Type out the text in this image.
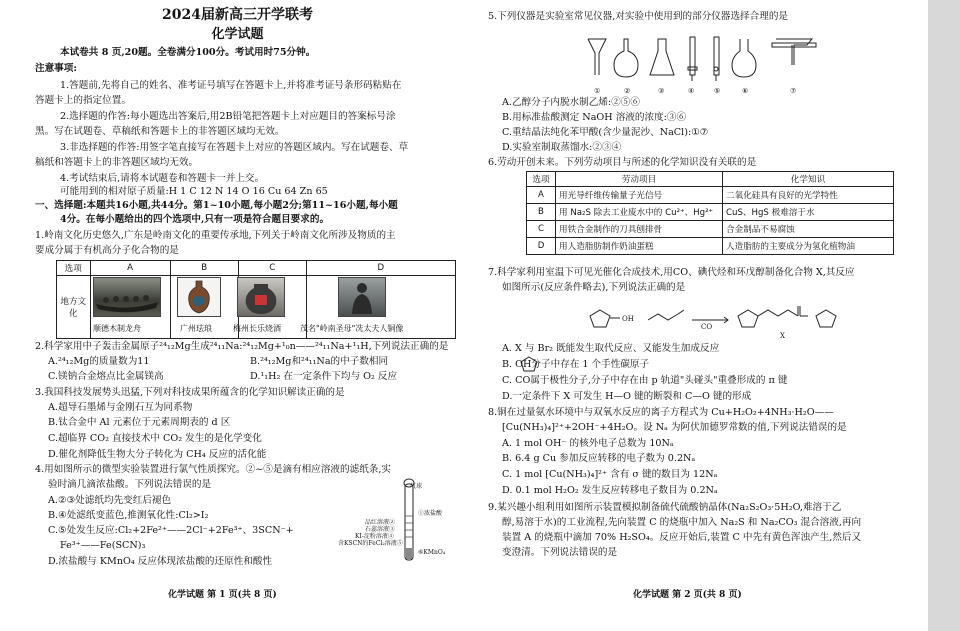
2024届新高三开学联考
化学试题
本试卷共 8 页,20题。全卷满分100分。考试用时75分钟。
注意事项:
1.答题前,先将自己的姓名、准考证号填写在答题卡上,并将准考证号条形码粘贴在
答题卡上的指定位置。
2.选择题的作答:每小题选出答案后,用2B铅笔把答题卡上对应题目的答案标号涂
黑。写在试题卷、草稿纸和答题卡上的非答题区域均无效。
3.非选择题的作答:用签字笔直接写在答题卡上对应的答题区域内。写在试题卷、草
稿纸和答题卡上的非答题区域均无效。
4.考试结束后,请将本试题卷和答题卡一并上交。
可能用到的相对原子质量:H 1 C 12 N 14 O 16 Cu 64 Zn 65
一、选择题:本题共16小题,共44分。第1~10小题,每小题2分;第11~16小题,每小题
4分。在每小题给出的四个选项中,只有一项是符合题目要求的。
1.岭南文化历史悠久,广东是岭南文化的重要传承地,下列关于岭南文化所涉及物质的主
要成分属于有机高分子化合物的是
选项	A	B	C	D
地方文化				
顺德木制龙舟	广州珐琅	梅州长乐烧酒 茂名"岭南圣母"冼太夫人铜像
2.科学家用中子轰击金属原子²⁴₁₂Mg生成²⁴₁₁Na:²⁴₁₂Mg+¹₀n——²⁴₁₁Na+¹₁H,下列说法正确的是
A.²⁴₁₂Mg的质量数为11	B.²⁴₁₂Mg和²⁴₁₁Na的中子数相同
C.镁钠合金熔点比金属镁高	D.¹₁H₂ 在一定条件下均与 O₂ 反应
3.我国科技发展势头迅猛,下列对科技成果所蕴含的化学知识解读正确的是
A.超导石墨烯与金刚石互为同系物
B.钛合金中 Al 元素位于元素周期表的 d 区
C.超临界 CO₂ 直接技术中 CO₂ 发生的是化学变化
D.催化剂降低生物大分子转化为 CH₄ 反应的活化能
4.用如图所示的微型实验装置进行氯气性质探究。②~⑤是滴有相应溶液的滤纸条,实
验时滴几滴浓盐酸。下列说法错误的是
A.②③处滤纸均先变红后褪色
B.④处滤纸变蓝色,推测氧化性:Cl₂>I₂
C.⑤处发生反应:Cl₂+2Fe²⁺——2Cl⁻+2Fe³⁺、3SCN⁻+
Fe³⁺——Fe(SCN)₃
D.浓盐酸与 KMnO₄ 反应体现浓盐酸的还原性和酸性
气球
①浓盐酸
品红溶液②
石蕊溶液③
KI-淀粉溶液④
含KSCN的FeCl₂溶液⑤
⑥KMnO₄
化学试题 第 1 页(共 8 页)
5.下列仪器是实验室常见仪器,对实验中使用到的部分仪器选择合理的是
①	②	③	④	⑤	⑥	⑦
A.乙醇分子内脱水制乙烯:②⑤⑥
B.用标准盐酸测定 NaOH 溶液的浓度:③⑥
C.重结晶法纯化苯甲酸(含少量泥沙、NaCl):①⑦
D.实验室制取蒸馏水:②③④
6.劳动开创未来。下列劳动项目与所述的化学知识没有关联的是
选项	劳动项目	化学知识
A	用光导纤维传输量子光信号	二氧化硅具有良好的光学特性
B	用 Na₂S 除去工业废水中的 Cu²⁺、Hg²⁺	CuS、HgS 极难溶于水
C	用铁合金制作的刀具刨排骨	合金制品不易腐蚀
D	用人造脂肪制作奶油蛋糕	人造脂肪的主要成分为氢化植物油
7.科学家利用室温下可见光催化合成技术,用CO、碘代烃和环戊醇制备化合物 X,其反应
如图所示(反应条件略去),下列说法正确的是
OH
CO
X
A. X 与 Br₂ 既能发生取代反应、又能发生加成反应
B. OH分子中存在 1 个手性碳原子
C. CO属于极性分子,分子中存在由 p 轨道"头碰头"重叠形成的 π 键
D.一定条件下 X 可发生 H—O 键的断裂和 C—O 键的形成
8.铜在过量氨水环境中与双氧水反应的离子方程式为 Cu+H₂O₂+4NH₃·H₂O——
[Cu(NH₃)₄]²⁺+2OH⁻+4H₂O。设 Nₐ 为阿伏加德罗常数的值,下列说法错误的是
A. 1 mol OH⁻ 的核外电子总数为 10Nₐ
B. 6.4 g Cu 参加反应转移的电子数为 0.2Nₐ
C. 1 mol [Cu(NH₃)₄]²⁺ 含有 σ 键的数目为 12Nₐ
D. 0.1 mol H₂O₂ 发生反应转移电子数目为 0.2Nₐ
9.某兴趣小组利用如图所示装置模拟制备硫代硫酸钠晶体(Na₂S₂O₃·5H₂O,难溶于乙
醇,易溶于水)的工业流程,先向装置 C 的烧瓶中加入 Na₂S 和 Na₂CO₃ 混合溶液,再向
装置 A 的烧瓶中滴加 70% H₂SO₄。反应开始后,装置 C 中先有黄色浑浊产生,然后又
变澄清。下列说法错误的是
化学试题 第 2 页(共 8 页)
